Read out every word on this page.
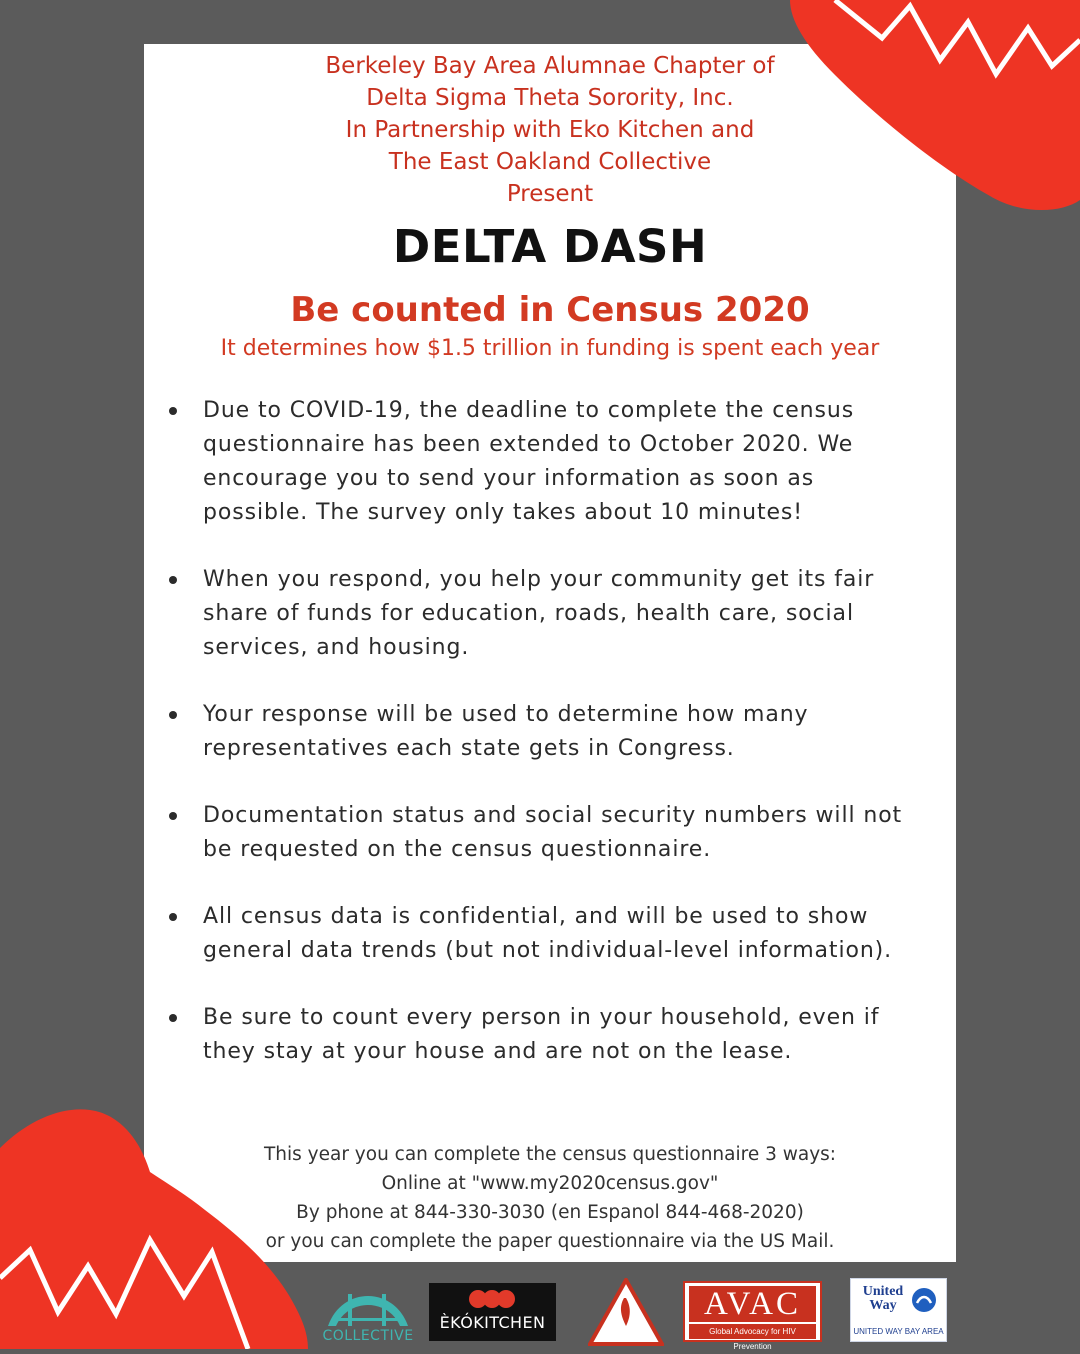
Berkeley Bay Area Alumnae Chapter of
Delta Sigma Theta Sorority, Inc.
In Partnership with Eko Kitchen and
The East Oakland Collective
Present
DELTA DASH
Be counted in Census 2020
It determines how $1.5 trillion in funding is spent each year
Due to COVID-19, the deadline to complete the census questionnaire has been extended to October 2020. We encourage you to send your information as soon as possible. The survey only takes about 10 minutes!
When you respond, you help your community get its fair share of funds for education, roads, health care, social services, and housing.
Your response will be used to determine how many representatives each state gets in Congress.
Documentation status and social security numbers will not be requested on the census questionnaire.
All census data is confidential, and will be used to show general data trends (but not individual-level information).
Be sure to count every person in your household, even if they stay at your house and are not on the lease.
This year you can complete the census questionnaire 3 ways:
Online at "www.my2020census.gov"
By phone at 844-330-3030 (en Espanol 844-468-2020)
or you can complete the paper questionnaire via the US Mail.
COLLECTIVE
ÈKÓKITCHEN
AVAC
Global Advocacy for HIV Prevention
United Way
UNITED WAY BAY AREA
